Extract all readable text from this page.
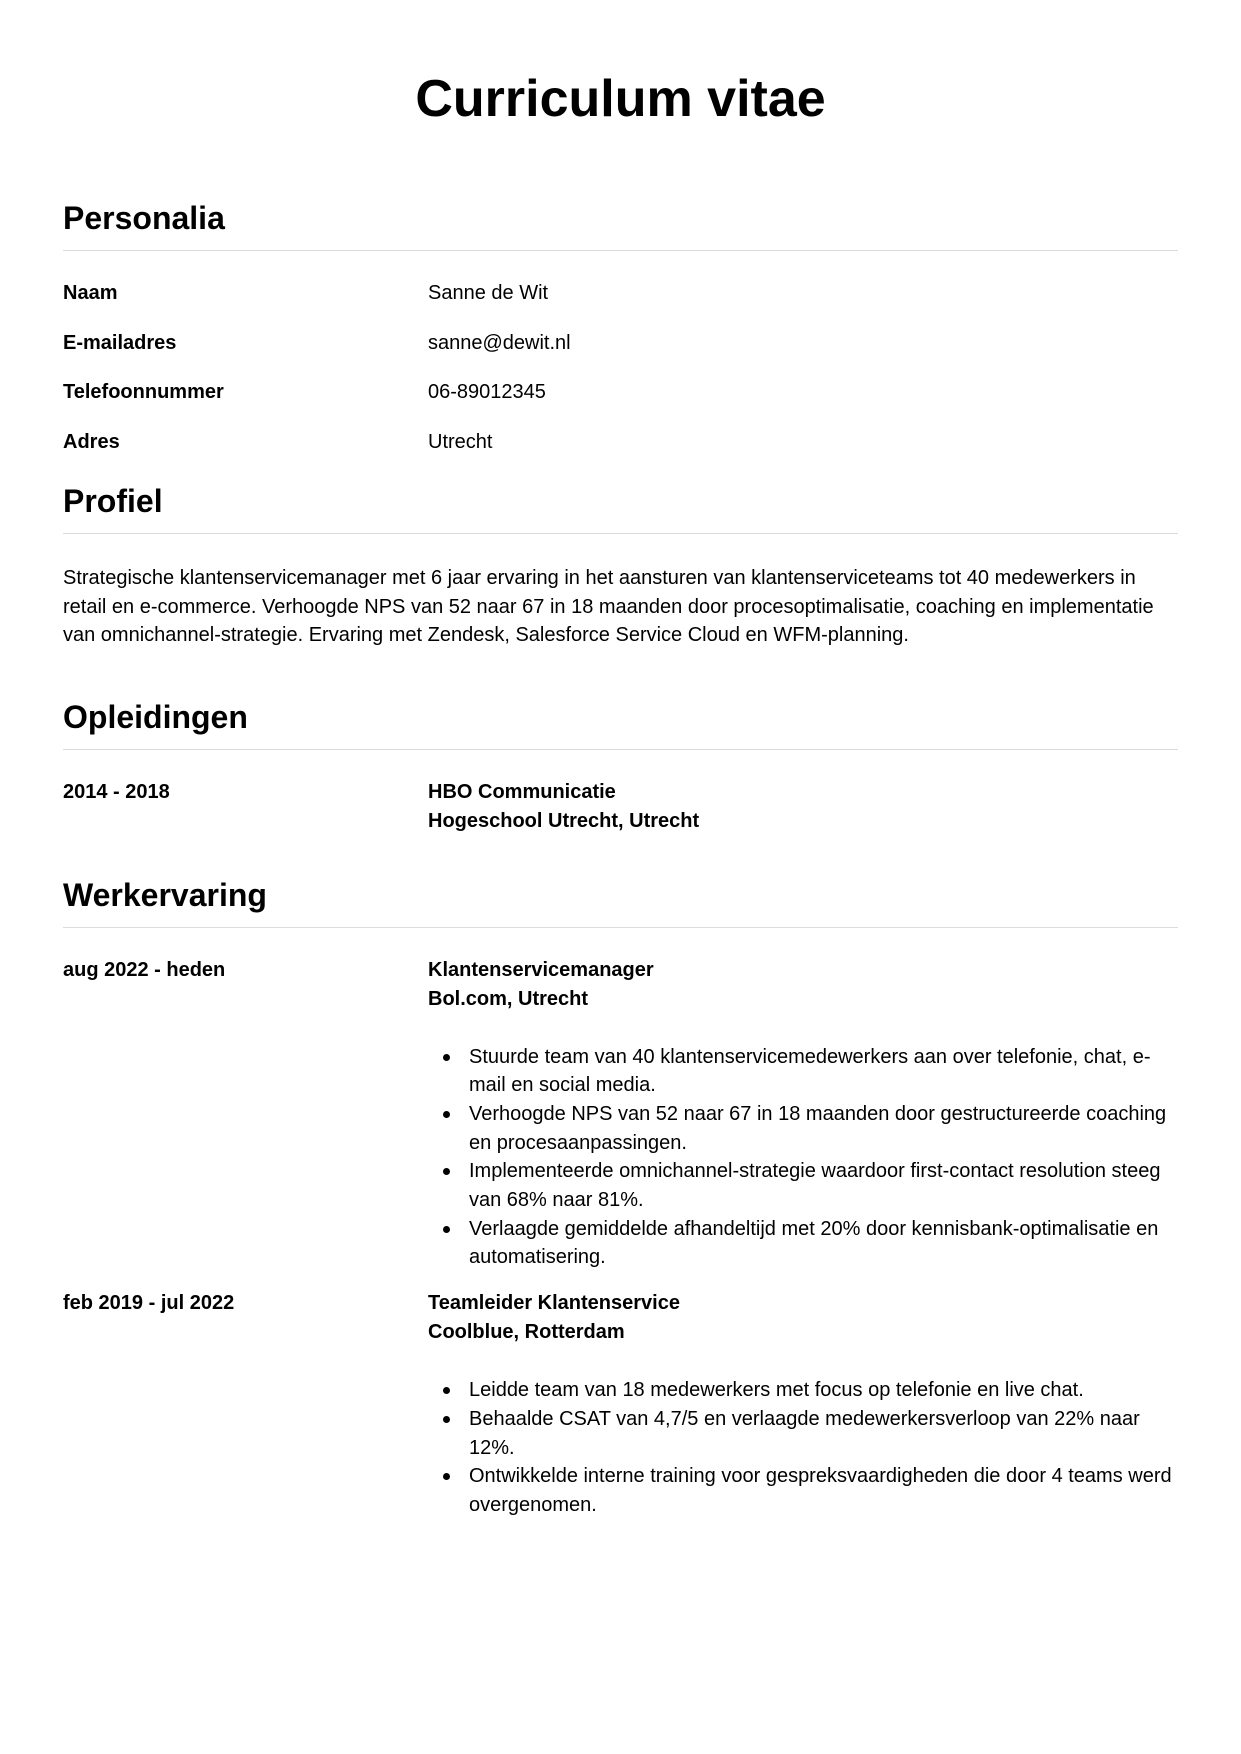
Curriculum vitae
Personalia
Naam	Sanne de Wit
E-mailadres	sanne@dewit.nl
Telefoonnummer	06-89012345
Adres	Utrecht
Profiel

Strategische klantenservicemanager met 6 jaar ervaring in het aansturen van klantenserviceteams tot 40 medewerkers in retail en e-commerce. Verhoogde NPS van 52 naar 67 in 18 maanden door procesoptimalisatie, coaching en implementatie van omnichannel-strategie. Ervaring met Zendesk, Salesforce Service Cloud en WFM-planning.

Opleidingen
2014 - 2018	HBO Communicatie
Hogeschool Utrecht, Utrecht
Werkervaring
aug 2022 - heden	Klantenservicemanager
Bol.com, Utrecht
Stuurde team van 40 klantenservicemedewerkers aan over telefonie, chat, e-mail en social media.
Verhoogde NPS van 52 naar 67 in 18 maanden door gestructureerde coaching en procesaanpassingen.
Implementeerde omnichannel-strategie waardoor first-contact resolution steeg van 68% naar 81%.
Verlaagde gemiddelde afhandeltijd met 20% door kennisbank-optimalisatie en automatisering.
feb 2019 - jul 2022	Teamleider Klantenservice
Coolblue, Rotterdam
Leidde team van 18 medewerkers met focus op telefonie en live chat.
Behaalde CSAT van 4,7/5 en verlaagde medewerkersverloop van 22% naar 12%.
Ontwikkelde interne training voor gespreksvaardigheden die door 4 teams werd overgenomen.
